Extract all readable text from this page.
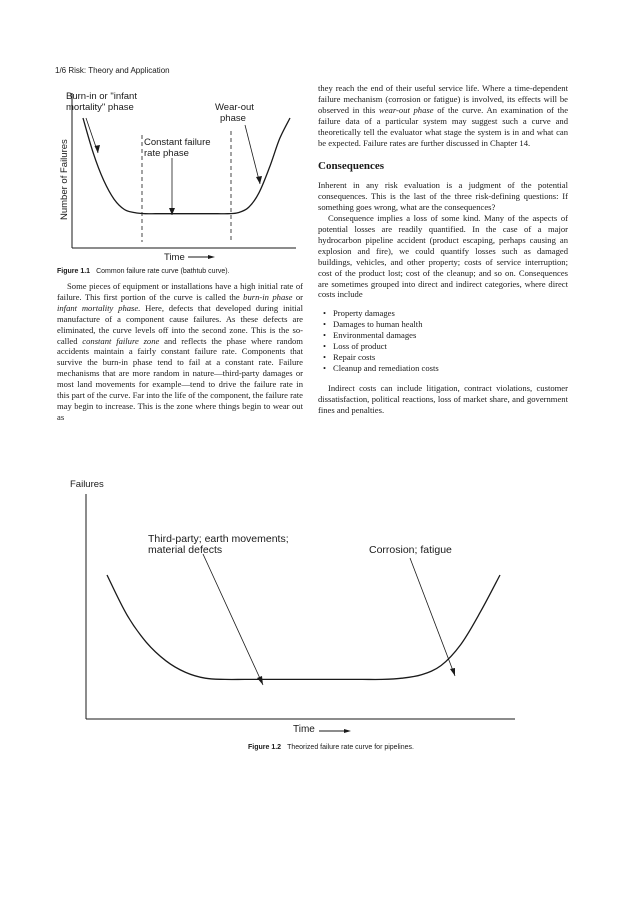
1/6 Risk: Theory and Application
Burn-in or "infant
mortality" phase
Constant failure
rate phase
Wear-out
phase
Number of Failures
Time
Figure 1.1 Common failure rate curve (bathtub curve).

Some pieces of equipment or installations have a high initial rate of failure. This first portion of the curve is called the burn-in phase or infant mortality phase. Here, defects that developed during initial manufacture of a component cause failures. As these defects are eliminated, the curve levels off into the second zone. This is the so-called constant failure zone and reflects the phase where random accidents maintain a fairly constant failure rate. Components that survive the burn-in phase tend to fail at a constant rate. Failure mechanisms that are more random in nature—third-party damages or most land movements for example—tend to drive the failure rate in this part of the curve. Far into the life of the component, the failure rate may begin to increase. This is the zone where things begin to wear out as

they reach the end of their useful service life. Where a time-dependent failure mechanism (corrosion or fatigue) is involved, its effects will be observed in this wear-out phase of the curve. An examination of the failure data of a particular system may suggest such a curve and theoretically tell the evaluator what stage the system is in and what can be expected. Failure rates are further discussed in Chapter 14.

Consequences

Inherent in any risk evaluation is a judgment of the potential consequences. This is the last of the three risk-defining questions: If something goes wrong, what are the consequences?

Consequence implies a loss of some kind. Many of the aspects of potential losses are readily quantified. In the case of a major hydrocarbon pipeline accident (product escaping, perhaps causing an explosion and fire), we could quantify losses such as damaged buildings, vehicles, and other property; costs of service interruption; cost of the product lost; cost of the cleanup; and so on. Consequences are sometimes grouped into direct and indirect categories, where direct costs include

• Property damages
• Damages to human health
• Environmental damages
• Loss of product
• Repair costs
• Cleanup and remediation costs

Indirect costs can include litigation, contract violations, customer dissatisfaction, political reactions, loss of market share, and government fines and penalties.

Failures
Third-party; earth movements;
material defects	Corrosion; fatigue
Time
Figure 1.2 Theorized failure rate curve for pipelines.
